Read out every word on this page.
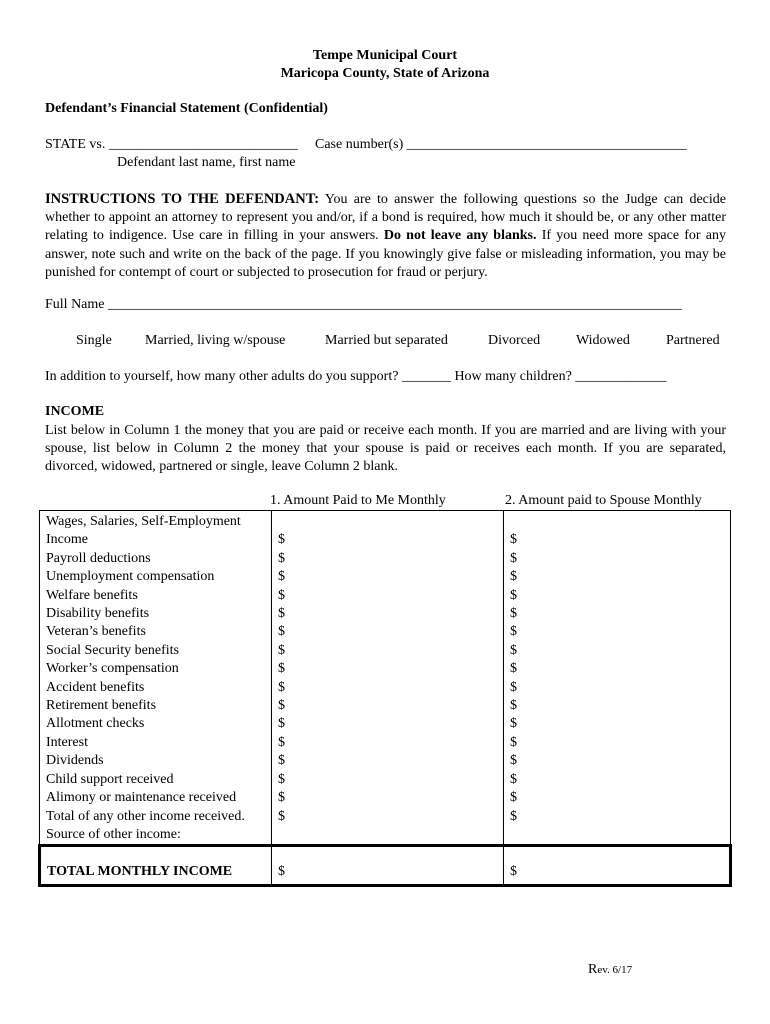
Tempe Municipal Court
Maricopa County, State of Arizona
Defendant’s Financial Statement (Confidential)
STATE vs. ___________________________ Case number(s) ________________________________________
Defendant last name, first name

INSTRUCTIONS TO THE DEFENDANT: You are to answer the following questions so the Judge can decide whether to appoint an attorney to represent you and/or, if a bond is required, how much it should be, or any other matter relating to indigence. Use care in filling in your answers. Do not leave any blanks. If you need more space for any answer, note such and write on the back of the page. If you knowingly give false or misleading information, you may be punished for contempt of court or subjected to prosecution for fraud or perjury.

Full Name __________________________________________________________________________________
Single Married, living w/spouse	Married but separated	Divorced	Widowed	Partnered
In addition to yourself, how many other adults do you support? _______ How many children? _____________
INCOME
List below in Column 1 the money that you are paid or receive each month. If you are married and are living with your spouse, list below in Column 2 the money that your spouse is paid or receives each month. If you are separated, divorced, widowed, partnered or single, leave Column 2 blank.
1. Amount Paid to Me Monthly	2. Amount paid to Spouse Monthly
Wages, Salaries, Self-Employment		
Income	$	$
Payroll deductions	$	$
Unemployment compensation	$	$
Welfare benefits	$	$
Disability benefits	$	$
Veteran’s benefits	$	$
Social Security benefits	$	$
Worker’s compensation	$	$
Accident benefits	$	$
Retirement benefits	$	$
Allotment checks	$	$
Interest	$	$
Dividends	$	$
Child support received	$	$
Alimony or maintenance received	$	$
Total of any other income received.	$	$
Source of other income:		
TOTAL MONTHLY INCOME	$	$
Rev. 6/17
